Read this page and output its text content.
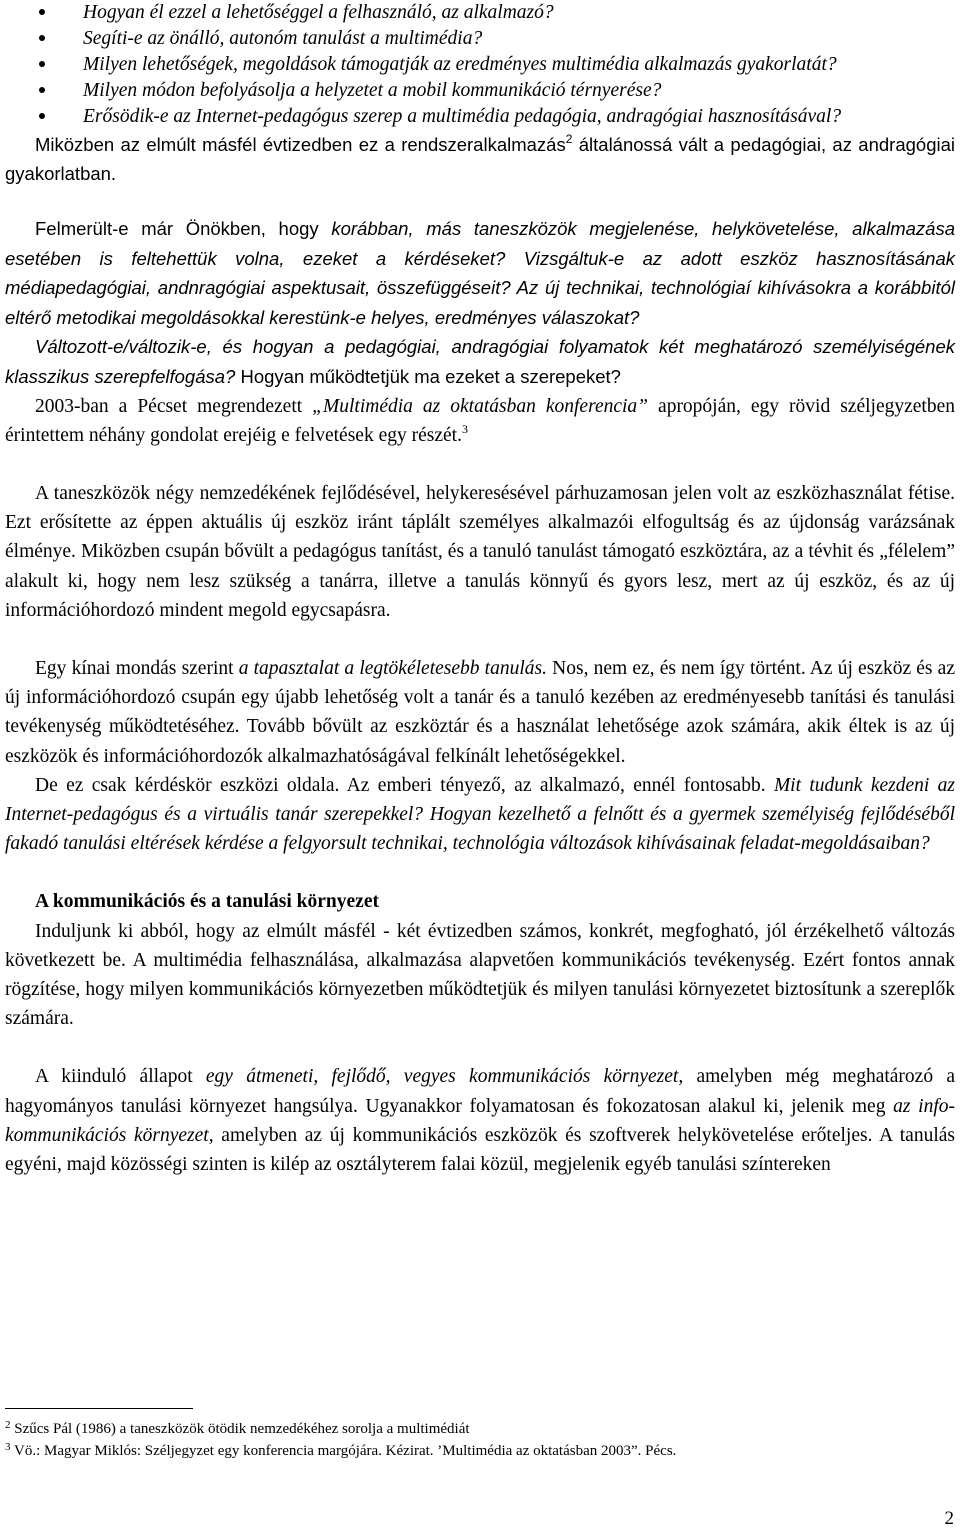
Hogyan él ezzel a lehetőséggel a felhasználó, az alkalmazó?
Segíti-e az önálló, autonóm tanulást a multimédia?
Milyen lehetőségek, megoldások támogatják az eredményes multimédia alkalmazás gyakorlatát?
Milyen módon befolyásolja a helyzetet a mobil kommunikáció térnyerése?
Erősödik-e az Internet-pedagógus szerep a multimédia pedagógia, andragógiai hasznosításával?

Miközben az elmúlt másfél évtizedben ez a rendszeralkalmazás$^2$ általánossá vált a pedagógiai, az andragógiai gyakorlatban.

Felmerült-e már Önökben, hogy korábban, más taneszközök megjelenése, helykövetelése, alkalmazása esetében is feltehettük volna, ezeket a kérdéseket? Vizsgáltuk-e az adott eszköz hasznosításának médiapedagógiai, andnragógiai aspektusait, összefüggéseit? Az új technikai, technológiaí kihívásokra a korábbitól eltérő metodikai megoldásokkal kerestünk-e helyes, eredményes válaszokat?

Változott-e/változik-e, és hogyan a pedagógiai, andragógiai folyamatok két meghatározó személyiségének klasszikus szerepfelfogása? Hogyan működtetjük ma ezeket a szerepeket?

2003-ban a Pécset megrendezett „Multimédia az oktatásban konferencia” apropóján, egy rövid széljegyzetben érintettem néhány gondolat erejéig e felvetések egy részét.$^3$

A taneszközök négy nemzedékének fejlődésével, helykeresésével párhuzamosan jelen volt az eszközhasználat fétise. Ezt erősítette az éppen aktuális új eszköz iránt táplált személyes alkalmazói elfogultság és az újdonság varázsának élménye. Miközben csupán bővült a pedagógus tanítást, és a tanuló tanulást támogató eszköztára, az a tévhit és „félelem” alakult ki, hogy nem lesz szükség a tanárra, illetve a tanulás könnyű és gyors lesz, mert az új eszköz, és az új információhordozó mindent megold egycsapásra.

Egy kínai mondás szerint a tapasztalat a legtökéletesebb tanulás. Nos, nem ez, és nem így történt. Az új eszköz és az új információhordozó csupán egy újabb lehetőség volt a tanár és a tanuló kezében az eredményesebb tanítási és tanulási tevékenység működtetéséhez. Tovább bővült az eszköztár és a használat lehetősége azok számára, akik éltek is az új eszközök és információhordozók alkalmazhatóságával felkínált lehetőségekkel.

De ez csak kérdéskör eszközi oldala. Az emberi tényező, az alkalmazó, ennél fontosabb. Mit tudunk kezdeni az Internet-pedagógus és a virtuális tanár szerepekkel? Hogyan kezelhető a felnőtt és a gyermek személyiség fejlődéséből fakadó tanulási eltérések kérdése a felgyorsult technikai, technológia változások kihívásainak feladat-megoldásaiban?

A kommunikációs és a tanulási környezet

Induljunk ki abból, hogy az elmúlt másfél - két évtizedben számos, konkrét, megfogható, jól érzékelhető változás következett be. A multimédia felhasználása, alkalmazása alapvetően kommunikációs tevékenység. Ezért fontos annak rögzítése, hogy milyen kommunikációs környezetben működtetjük és milyen tanulási környezetet biztosítunk a szereplők számára.

A kiinduló állapot egy átmeneti, fejlődő, vegyes kommunikációs környezet, amelyben még meghatározó a hagyományos tanulási környezet hangsúlya. Ugyanakkor folyamatosan és fokozatosan alakul ki, jelenik meg az info-kommunikációs környezet, amelyben az új kommunikációs eszközök és szoftverek helykövetelése erőteljes. A tanulás egyéni, majd közösségi szinten is kilép az osztályterem falai közül, megjelenik egyéb tanulási színtereken

$^2$ Szűcs Pál (1986) a taneszközök ötödik nemzedékéhez sorolja a multimédiát
$^3$ Vö.: Magyar Miklós: Széljegyzet egy konferencia margójára. Kézirat. ’Multimédia az oktatásban 2003”. Pécs.
2
